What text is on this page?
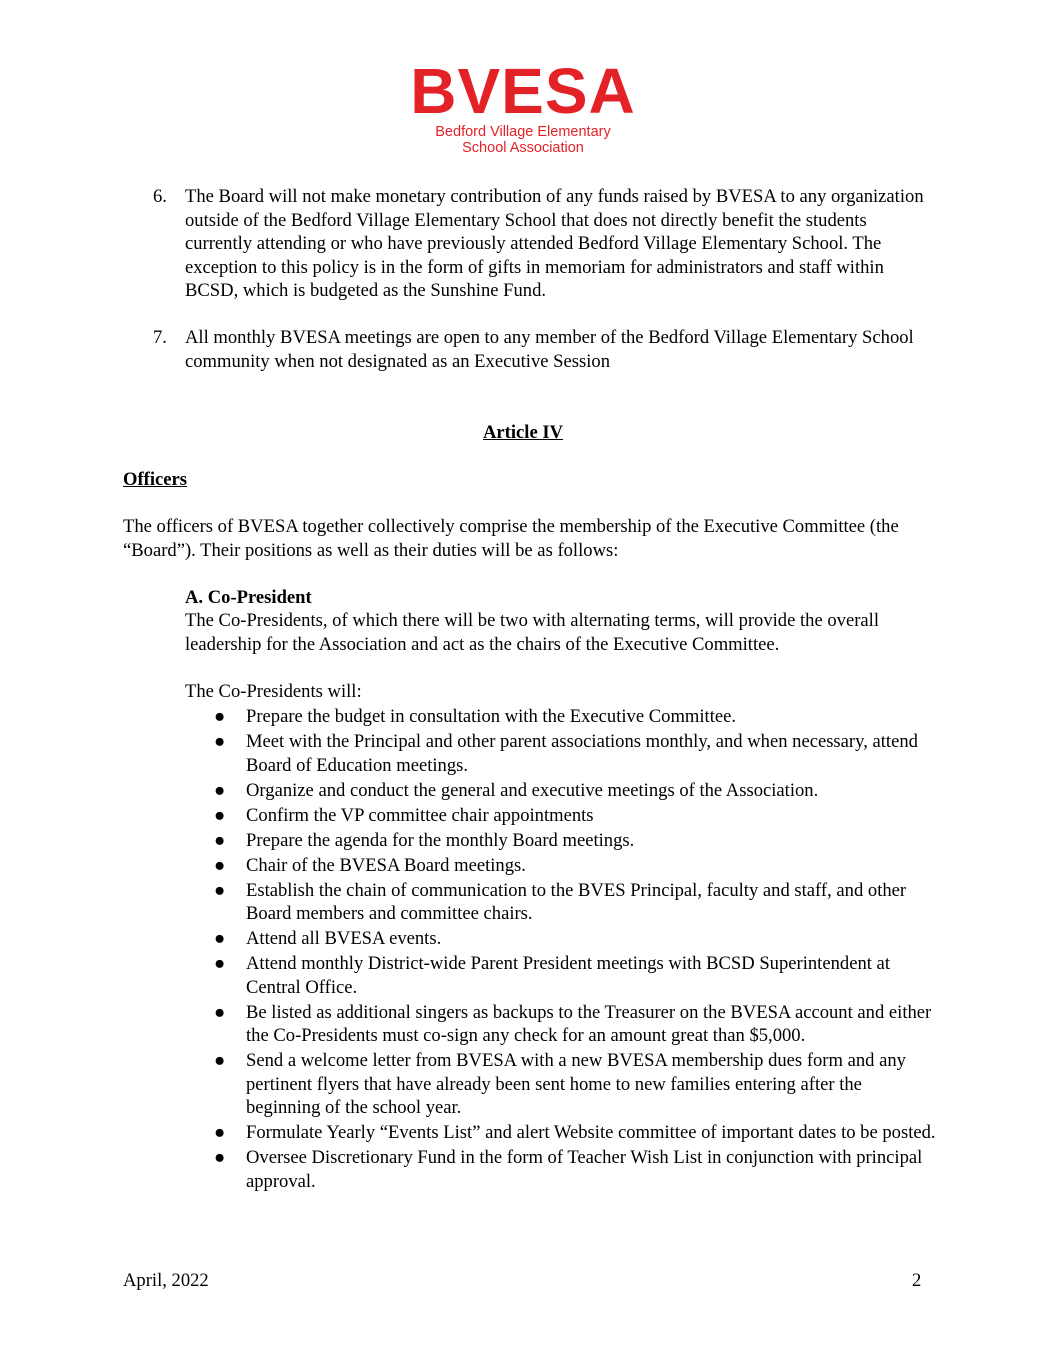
BVESA
Bedford Village Elementary
School Association
6. The Board will not make monetary contribution of any funds raised by BVESA to any organization outside of the Bedford Village Elementary School that does not directly benefit the students currently attending or who have previously attended Bedford Village Elementary School. The exception to this policy is in the form of gifts in memoriam for administrators and staff within BCSD, which is budgeted as the Sunshine Fund.
7. All monthly BVESA meetings are open to any member of the Bedford Village Elementary School community when not designated as an Executive Session
Article IV
Officers
The officers of BVESA together collectively comprise the membership of the Executive Committee (the “Board”). Their positions as well as their duties will be as follows:
A. Co-President
The Co-Presidents, of which there will be two with alternating terms, will provide the overall leadership for the Association and act as the chairs of the Executive Committee.
The Co-Presidents will:
● Prepare the budget in consultation with the Executive Committee.
● Meet with the Principal and other parent associations monthly, and when necessary, attend Board of Education meetings.
● Organize and conduct the general and executive meetings of the Association.
● Confirm the VP committee chair appointments
● Prepare the agenda for the monthly Board meetings.
● Chair of the BVESA Board meetings.
● Establish the chain of communication to the BVES Principal, faculty and staff, and other Board members and committee chairs.
● Attend all BVESA events.
● Attend monthly District-wide Parent President meetings with BCSD Superintendent at Central Office.
● Be listed as additional singers as backups to the Treasurer on the BVESA account and either the Co-Presidents must co-sign any check for an amount great than $5,000.
● Send a welcome letter from BVESA with a new BVESA membership dues form and any pertinent flyers that have already been sent home to new families entering after the beginning of the school year.
● Formulate Yearly “Events List” and alert Website committee of important dates to be posted.
● Oversee Discretionary Fund in the form of Teacher Wish List in conjunction with principal approval.
April, 2022	2
